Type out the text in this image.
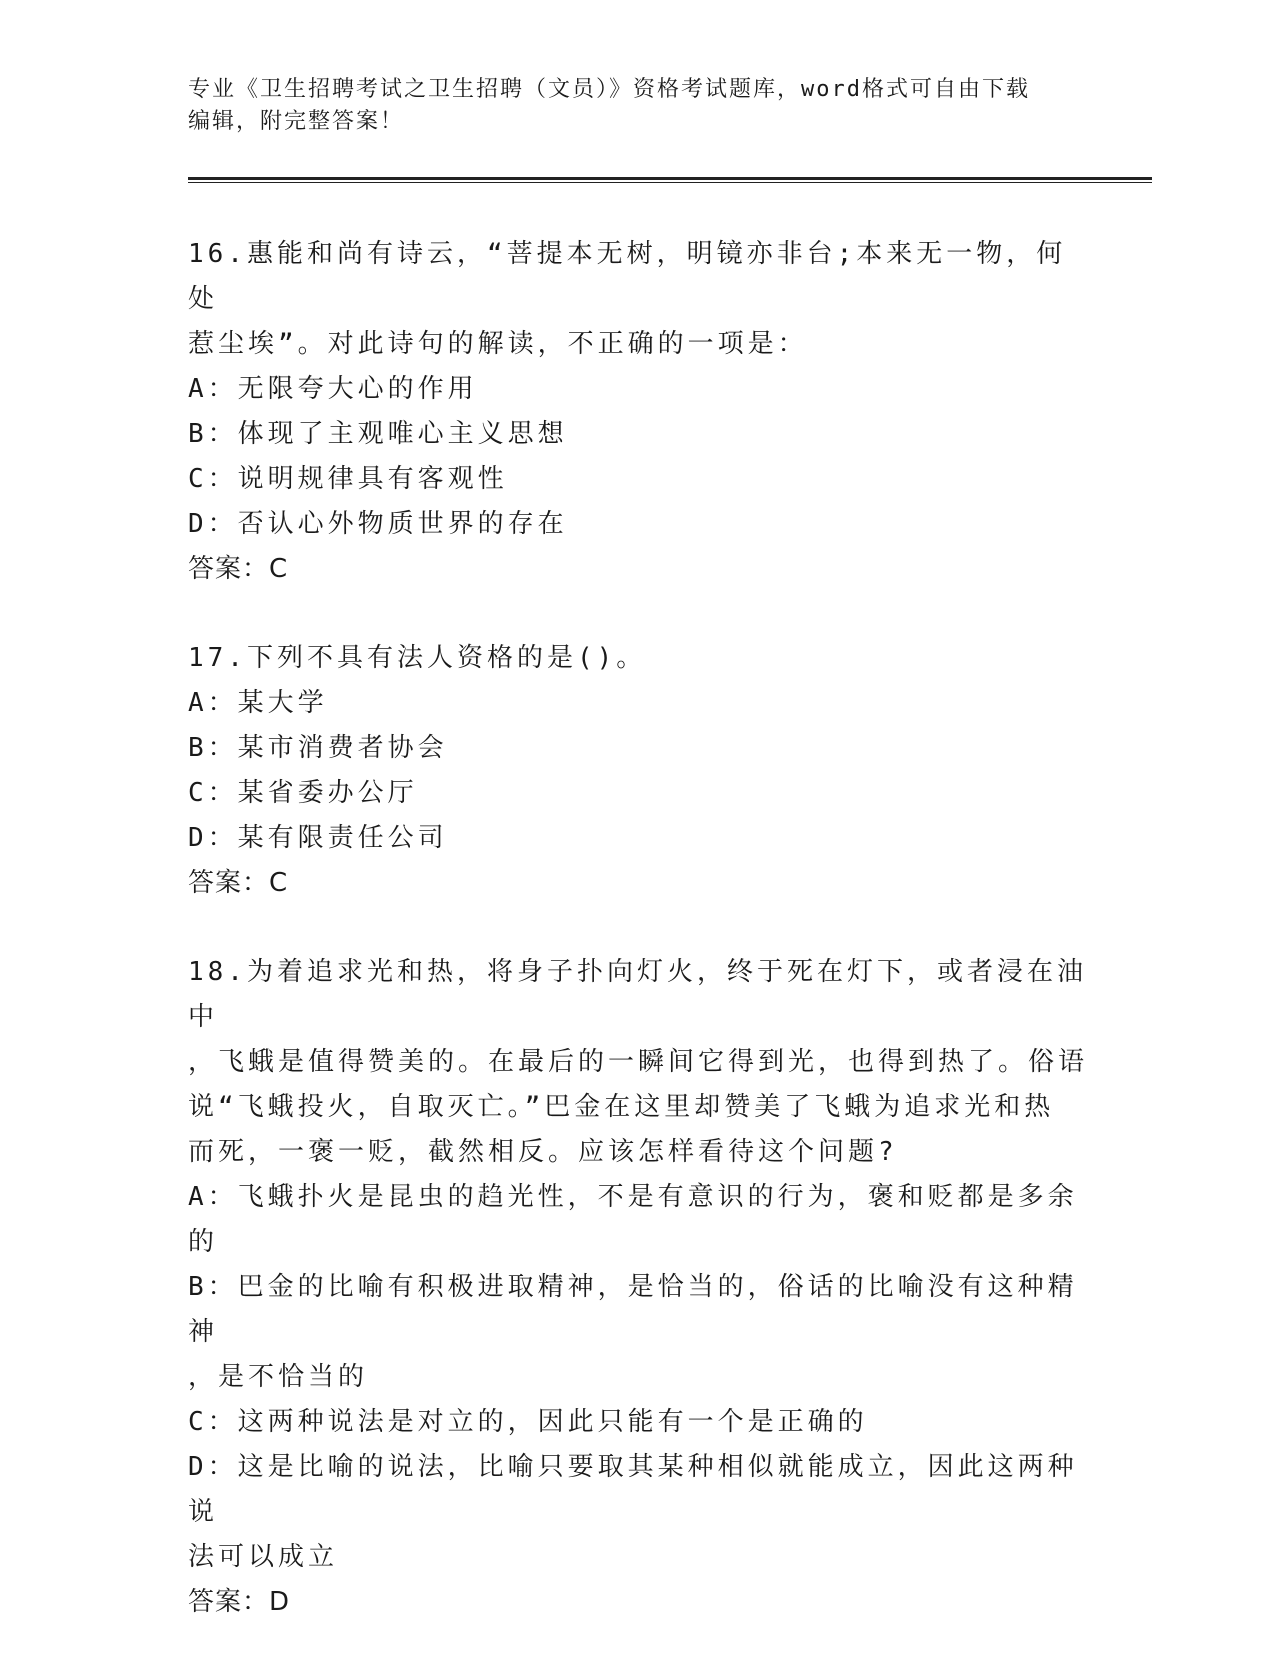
专业《卫生招聘考试之卫生招聘（文员）》资格考试题库，word格式可自由下载
编辑，附完整答案！
16.惠能和尚有诗云，“菩提本无树，明镜亦非台;本来无一物，何处
惹尘埃”。对此诗句的解读，不正确的一项是：
A：无限夸大心的作用
B：体现了主观唯心主义思想
C：说明规律具有客观性
D：否认心外物质世界的存在
答案：C
17.下列不具有法人资格的是()。
A：某大学
B：某市消费者协会
C：某省委办公厅
D：某有限责任公司
答案：C
18.为着追求光和热，将身子扑向灯火，终于死在灯下，或者浸在油中
，飞蛾是值得赞美的。在最后的一瞬间它得到光，也得到热了。俗语
说“飞蛾投火，自取灭亡。”巴金在这里却赞美了飞蛾为追求光和热
而死，一褒一贬，截然相反。应该怎样看待这个问题?
A：飞蛾扑火是昆虫的趋光性，不是有意识的行为，褒和贬都是多余的
B：巴金的比喻有积极进取精神，是恰当的，俗话的比喻没有这种精神
，是不恰当的
C：这两种说法是对立的，因此只能有一个是正确的
D：这是比喻的说法，比喻只要取其某种相似就能成立，因此这两种说
法可以成立
答案：D
